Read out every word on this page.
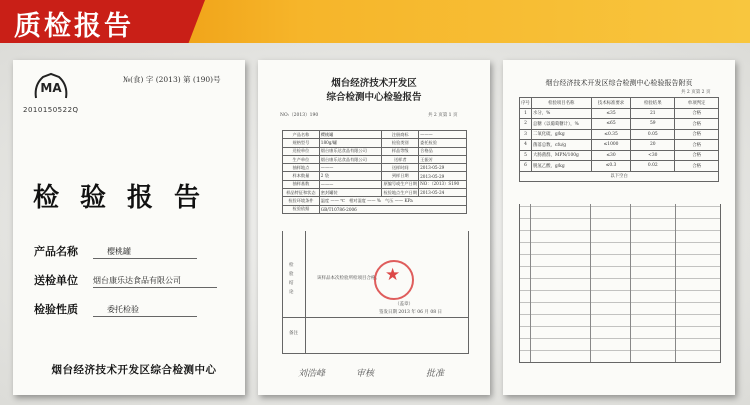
质检报告
MA
2010150522Q
№(食) 字 (2013) 第 (190)号
检验报告
产品名称	樱桃罐
送检单位 烟台康乐达食品有限公司
检验性质	委托检验
烟台经济技术开发区综合检测中心
烟台经济技术开发区
综合检测中心检验报告
NO:（2013）190	共 2 页第 1 页
产品名称	樱桃罐	注册商标	———
规格型号	180g/罐	检验类别	委托检验
送检单位	烟台康乐达食品有限公司	样品等级	合格品
生产单位	烟台康乐达食品有限公司	送样者	王振芳
抽样地点	———	送样时间	2013-05-29
样本数量	2 袋	到样日期	2013-05-29
抽样基数	———	原编号或生产日期	NO：（2013）S190
样品特征和状态	密封罐装	检验地点生产日期	2013-05-24
检验环境条件	温度 —— ℃　相对湿度 —— %　气压 —— KPa　		
检验依据	GB/T10786-2006		
检验结论
该样品本次检验所检项目合格。
（盖章）
签发日期 2013 年 06 月 08 日
备注
★
刘浩峰	审核	批准
烟台经济技术开发区综合检测中心检验报告附页
共 2 页第 2 页
序号	检验项目名称	技术标准要求	检验结果	单项判定
1	水分，%	≤35	21	合格
2	总糖（以葡萄糖计），%	≤65	59	合格
3	二氧化硫，g/kg	≤0.35	0.05	合格
4	菌落总数，cfu/g	≤1000	20	合格
5	大肠菌群，MPN/100g	≤30	<30	合格
6	脱氢乙酸，g/kg	≤0.3	0.02	合格
以下空白				
